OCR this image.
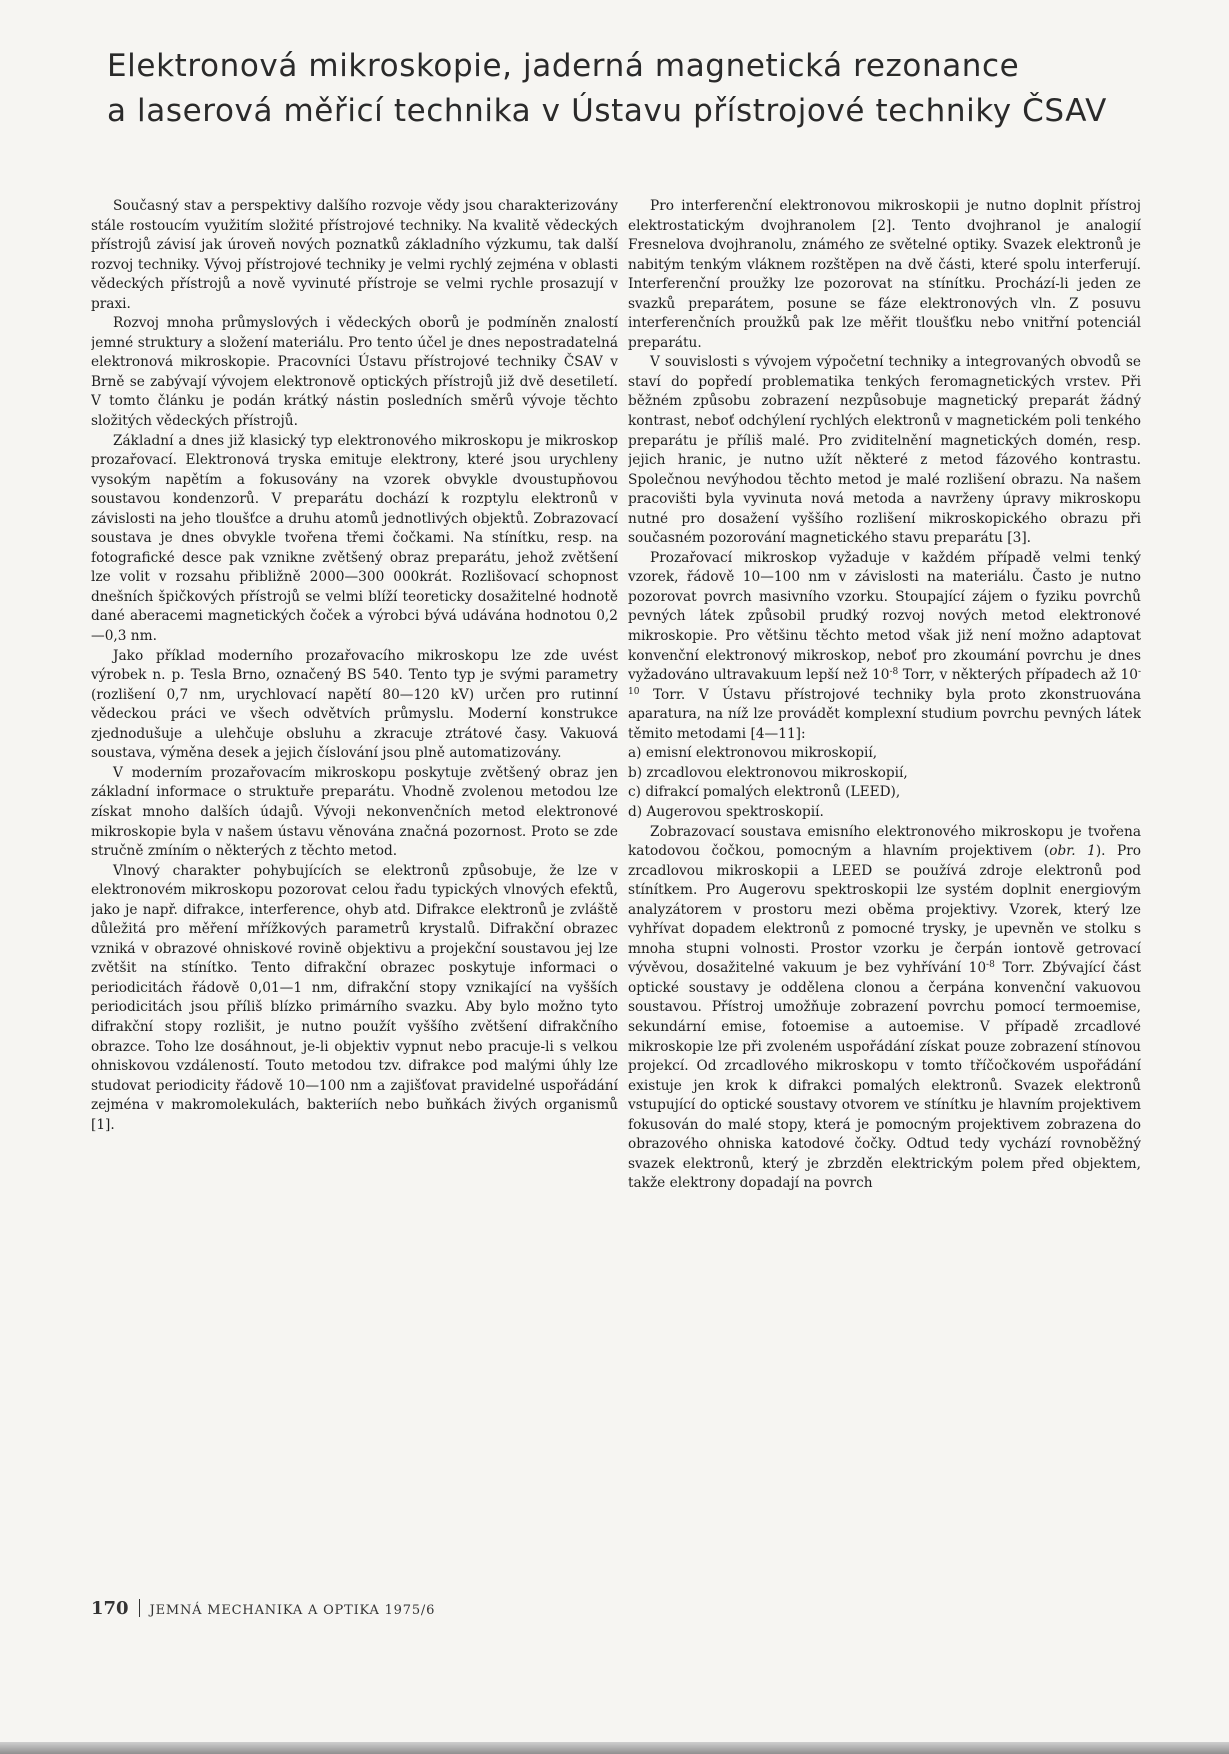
Elektronová mikroskopie, jaderná magnetická rezonance
a laserová měřicí technika v Ústavu přístrojové techniky ČSAV

Současný stav a perspektivy dalšího rozvoje vědy jsou charakterizovány stále rostoucím využitím složité přístrojové techniky. Na kvalitě vědeckých přístrojů závisí jak úroveň nových poznatků základního výzkumu, tak další rozvoj techniky. Vývoj přístrojové techniky je velmi rychlý zejména v oblasti vědeckých přístrojů a nově vyvinuté přístroje se velmi rychle prosazují v praxi.

Rozvoj mnoha průmyslových i vědeckých oborů je podmíněn znalostí jemné struktury a složení materiálu. Pro tento účel je dnes nepostradatelná elektronová mikroskopie. Pracovníci Ústavu přístrojové techniky ČSAV v Brně se zabývají vývojem elektronově optických přístrojů již dvě desetiletí. V tomto článku je podán krátký nástin posledních směrů vývoje těchto složitých vědeckých přístrojů.

Základní a dnes již klasický typ elektronového mikroskopu je mikroskop prozařovací. Elektronová tryska emituje elektrony, které jsou urychleny vysokým napětím a fokusovány na vzorek obvykle dvoustupňovou soustavou kondenzorů. V preparátu dochází k rozptylu elektronů v závislosti na jeho tloušťce a druhu atomů jednotlivých objektů. Zobrazovací soustava je dnes obvykle tvořena třemi čočkami. Na stínítku, resp. na fotografické desce pak vznikne zvětšený obraz preparátu, jehož zvětšení lze volit v rozsahu přibližně 2000—300 000krát. Rozlišovací schopnost dnešních špičkových přístrojů se velmi blíží teoreticky dosažitelné hodnotě dané aberacemi magnetických čoček a výrobci bývá udávána hodnotou 0,2—0,3 nm.

Jako příklad moderního prozařovacího mikroskopu lze zde uvést výrobek n. p. Tesla Brno, označený BS 540. Tento typ je svými parametry (rozlišení 0,7 nm, urychlovací napětí 80—120 kV) určen pro rutinní vědeckou práci ve všech odvětvích průmyslu. Moderní konstrukce zjednodušuje a ulehčuje obsluhu a zkracuje ztrátové časy. Vakuová soustava, výměna desek a jejich číslování jsou plně automatizovány.

V moderním prozařovacím mikroskopu poskytuje zvětšený obraz jen základní informace o struktuře preparátu. Vhodně zvolenou metodou lze získat mnoho dalších údajů. Vývoji nekonvenčních metod elektronové mikroskopie byla v našem ústavu věnována značná pozornost. Proto se zde stručně zmíním o některých z těchto metod.

Vlnový charakter pohybujících se elektronů způsobuje, že lze v elektronovém mikroskopu pozorovat celou řadu typických vlnových efektů, jako je např. difrakce, interference, ohyb atd. Difrakce elektronů je zvláště důležitá pro měření mřížkových parametrů krystalů. Difrakční obrazec vzniká v obrazové ohniskové rovině objektivu a projekční soustavou jej lze zvětšit na stínítko. Tento difrakční obrazec poskytuje informaci o periodicitách řádově 0,01—1 nm, difrakční stopy vznikající na vyšších periodicitách jsou příliš blízko primárního svazku. Aby bylo možno tyto difrakční stopy rozlišit, je nutno použít vyššího zvětšení difrakčního obrazce. Toho lze dosáhnout, je-li objektiv vypnut nebo pracuje-li s velkou ohniskovou vzdáleností. Touto metodou tzv. difrakce pod malými úhly lze studovat periodicity řádově 10—100 nm a zajišťovat pravidelné uspořádání zejména v makromolekulách, bakteriích nebo buňkách živých organismů [1].

Pro interferenční elektronovou mikroskopii je nutno doplnit přístroj elektrostatickým dvojhranolem [2]. Tento dvojhranol je analogií Fresnelova dvojhranolu, známého ze světelné optiky. Svazek elektronů je nabitým tenkým vláknem rozštěpen na dvě části, které spolu interferují. Interferenční proužky lze pozorovat na stínítku. Prochází-li jeden ze svazků preparátem, posune se fáze elektronových vln. Z posuvu interferenčních proužků pak lze měřit tloušťku nebo vnitřní potenciál preparátu.

V souvislosti s vývojem výpočetní techniky a integrovaných obvodů se staví do popředí problematika tenkých feromagnetických vrstev. Při běžném způsobu zobrazení nezpůsobuje magnetický preparát žádný kontrast, neboť odchýlení rychlých elektronů v magnetickém poli tenkého preparátu je příliš malé. Pro zviditelnění magnetických domén, resp. jejich hranic, je nutno užít některé z metod fázového kontrastu. Společnou nevýhodou těchto metod je malé rozlišení obrazu. Na našem pracovišti byla vyvinuta nová metoda a navrženy úpravy mikroskopu nutné pro dosažení vyššího rozlišení mikroskopického obrazu při současném pozorování magnetického stavu preparátu [3].

Prozařovací mikroskop vyžaduje v každém případě velmi tenký vzorek, řádově 10—100 nm v závislosti na materiálu. Často je nutno pozorovat povrch masivního vzorku. Stoupající zájem o fyziku povrchů pevných látek způsobil prudký rozvoj nových metod elektronové mikroskopie. Pro většinu těchto metod však již není možno adaptovat konvenční elektronový mikroskop, neboť pro zkoumání povrchu je dnes vyžadováno ultravakuum lepší než $10^{-8}$ Torr, v některých případech až $10^{-10}$ Torr. V Ústavu přístrojové techniky byla proto zkonstruována aparatura, na níž lze provádět komplexní studium povrchu pevných látek těmito metodami [4—11]:

a) emisní elektronovou mikroskopií,

b) zrcadlovou elektronovou mikroskopií,

c) difrakcí pomalých elektronů (LEED),

d) Augerovou spektroskopií.

Zobrazovací soustava emisního elektronového mikroskopu je tvořena katodovou čočkou, pomocným a hlavním projektivem (obr. 1). Pro zrcadlovou mikroskopii a LEED se používá zdroje elektronů pod stínítkem. Pro Augerovu spektroskopii lze systém doplnit energiovým analyzátorem v prostoru mezi oběma projektivy. Vzorek, který lze vyhřívat dopadem elektronů z pomocné trysky, je upevněn ve stolku s mnoha stupni volnosti. Prostor vzorku je čerpán iontově getrovací vývěvou, dosažitelné vakuum je bez vyhřívání $10^{-8}$ Torr. Zbývající část optické soustavy je oddělena clonou a čerpána konvenční vakuovou soustavou. Přístroj umožňuje zobrazení povrchu pomocí termoemise, sekundární emise, fotoemise a autoemise. V případě zrcadlové mikroskopie lze při zvoleném uspořádání získat pouze zobrazení stínovou projekcí. Od zrcadlového mikroskopu v tomto tříčočkovém uspořádání existuje jen krok k difrakci pomalých elektronů. Svazek elektronů vstupující do optické soustavy otvorem ve stínítku je hlavním projektivem fokusován do malé stopy, která je pomocným projektivem zobrazena do obrazového ohniska katodové čočky. Odtud tedy vychází rovnoběžný svazek elektronů, který je zbrzděn elektrickým polem před objektem, takže elektrony dopadají na povrch

170 JEMNÁ MECHANIKA A OPTIKA 1975/6
